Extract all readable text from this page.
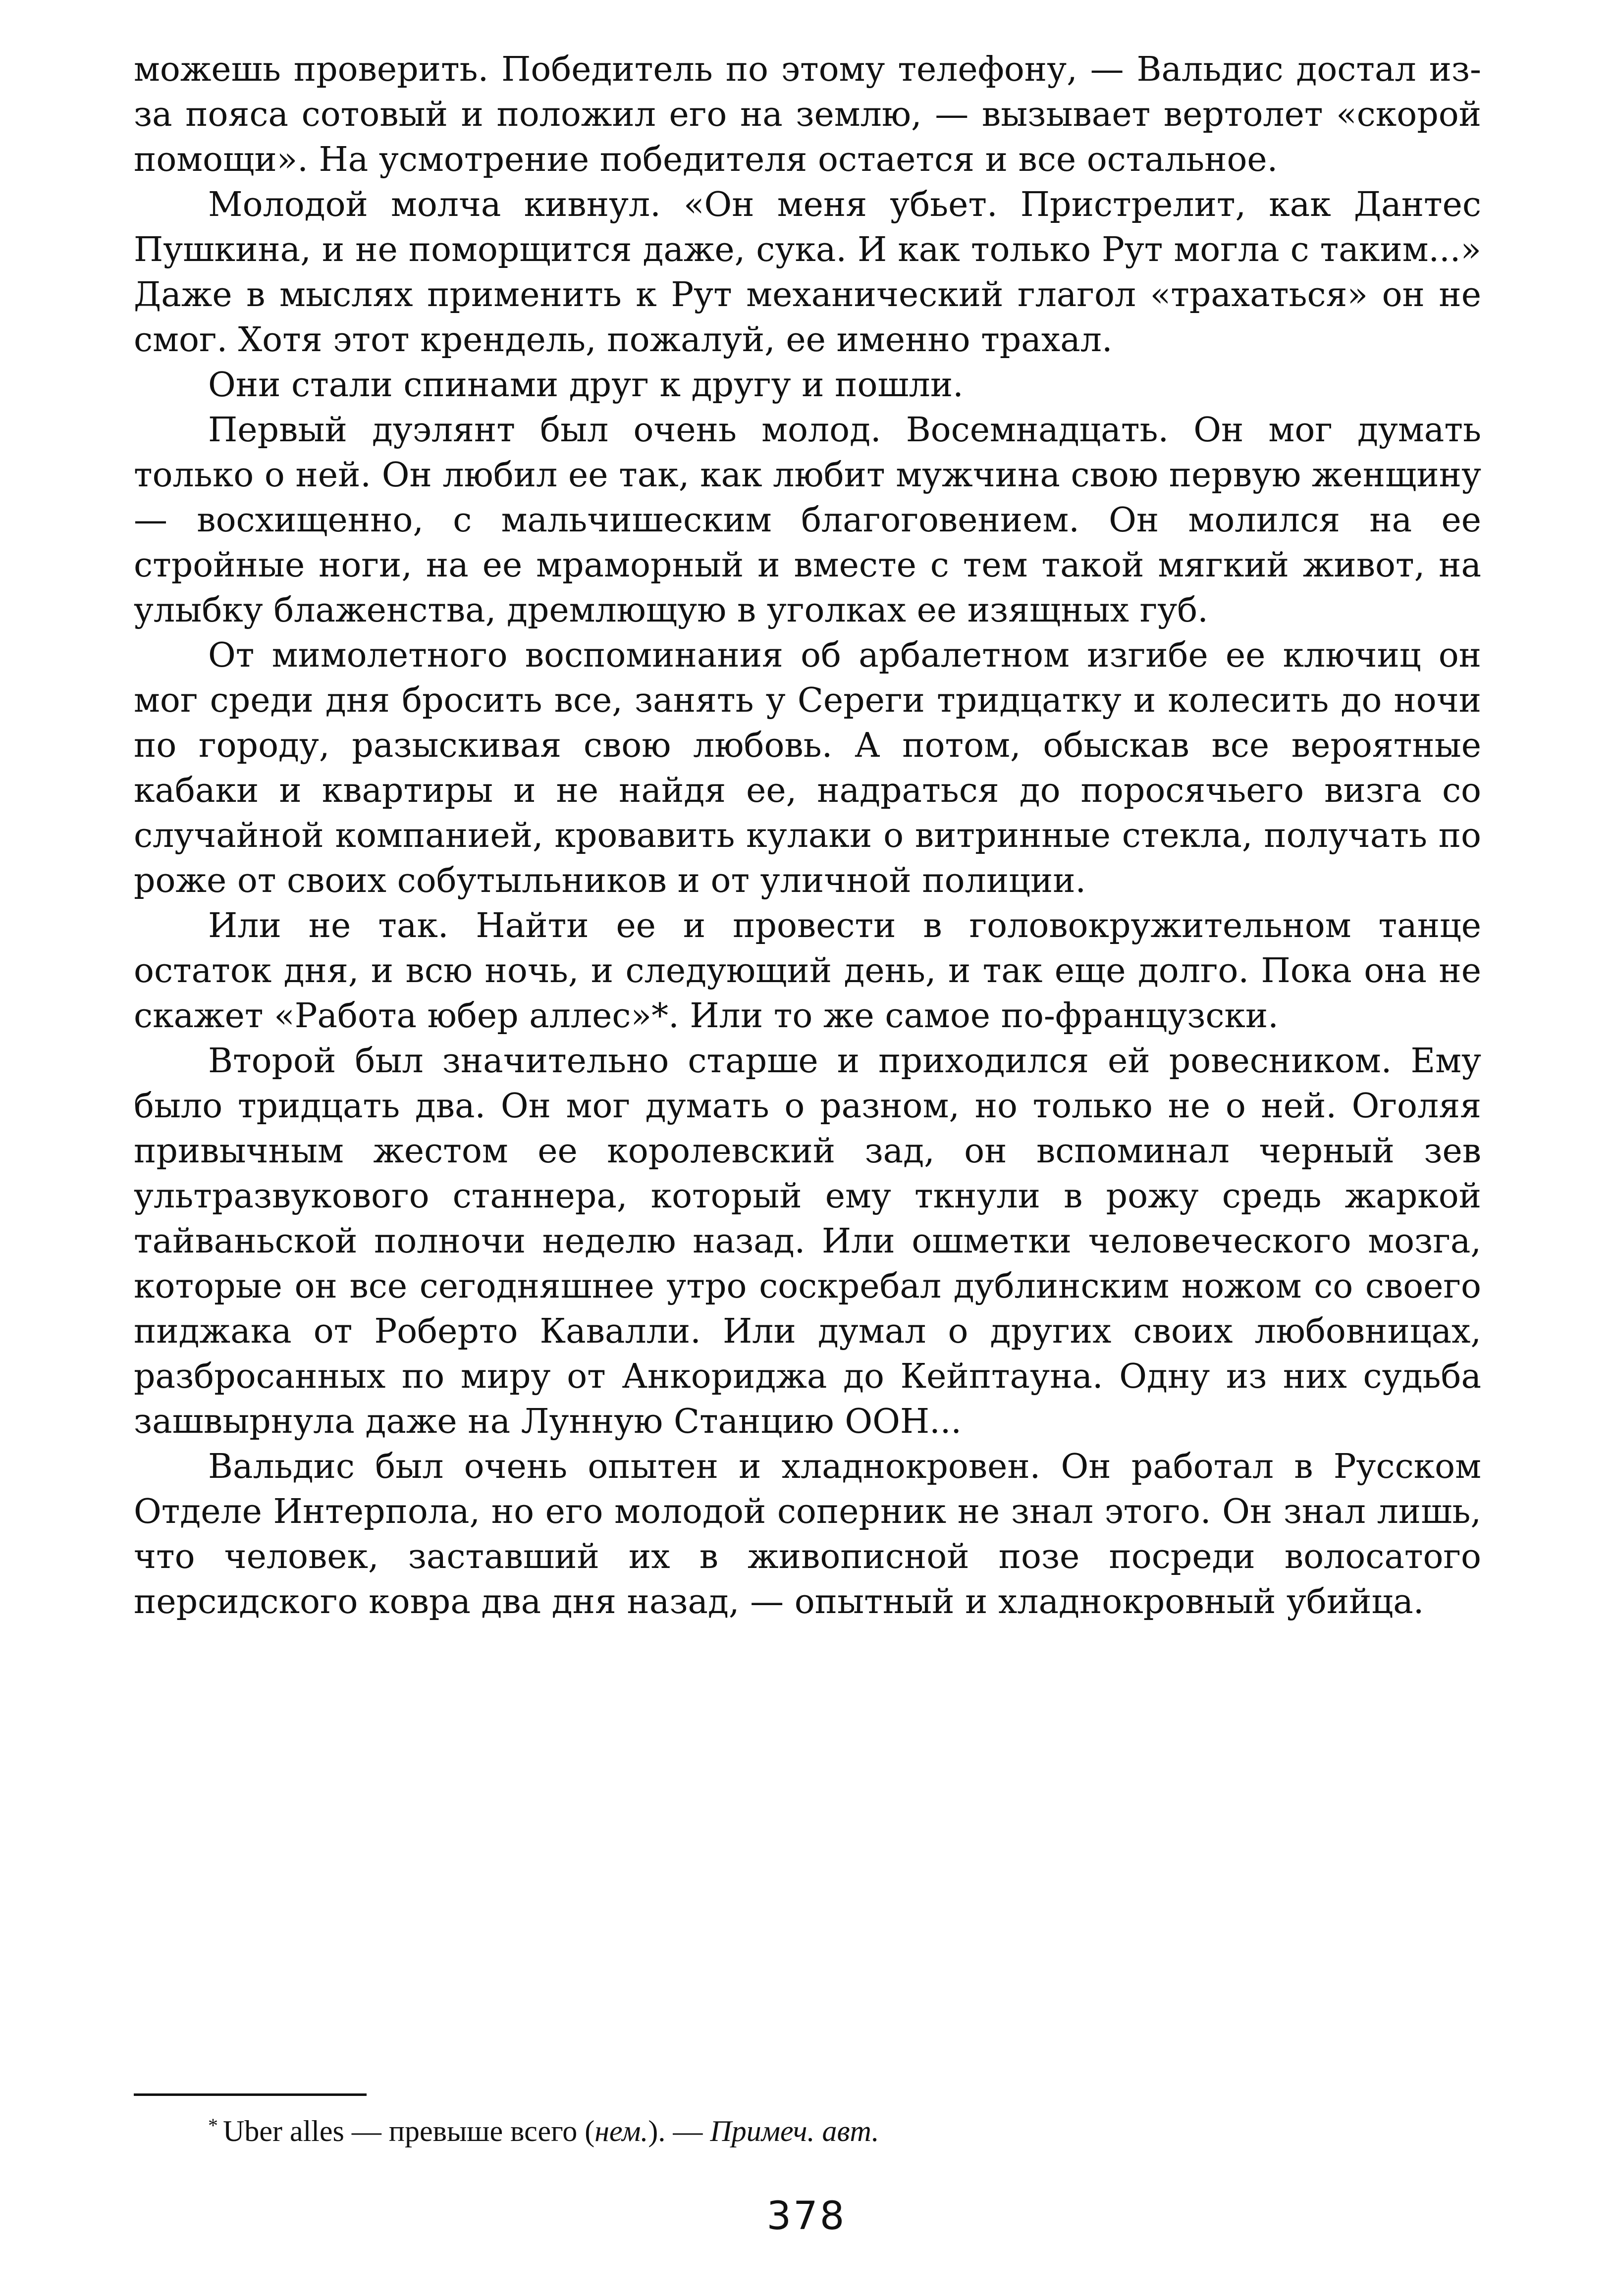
можешь проверить. Победитель по этому телефону, — Вальдис достал из-за пояса сотовый и положил его на землю, — вызывает вертолет «скорой помощи». На усмотрение победителя остается и все остальное.

Молодой молча кивнул. «Он меня убьет. Пристрелит, как Дантес Пушкина, и не поморщится даже, сука. И как только Рут могла с таким...» Даже в мыслях применить к Рут механический глагол «трахаться» он не смог. Хотя этот крендель, пожалуй, ее именно трахал.

Они стали спинами друг к другу и пошли.

Первый дуэлянт был очень молод. Восемнадцать. Он мог думать только о ней. Он любил ее так, как любит мужчина свою первую женщину — восхищенно, с мальчишеским благоговением. Он молился на ее стройные ноги, на ее мраморный и вместе с тем такой мягкий живот, на улыбку блаженства, дремлющую в уголках ее изящных губ.

От мимолетного воспоминания об арбалетном изгибе ее ключиц он мог среди дня бросить все, занять у Сереги тридцатку и колесить до ночи по городу, разыскивая свою любовь. А потом, обыскав все вероятные кабаки и квартиры и не найдя ее, надраться до поросячьего визга со случайной компанией, кровавить кулаки о витринные стекла, получать по роже от своих собутыльников и от уличной полиции.

Или не так. Найти ее и провести в головокружительном танце остаток дня, и всю ночь, и следующий день, и так еще долго. Пока она не скажет «Работа юбер аллес»*. Или то же самое по-французски.

Второй был значительно старше и приходился ей ровесником. Ему было тридцать два. Он мог думать о разном, но только не о ней. Оголяя привычным жестом ее королевский зад, он вспоминал черный зев ультразвукового станнера, который ему ткнули в рожу средь жаркой тайваньской полночи неделю назад. Или ошметки человеческого мозга, которые он все сегодняшнее утро соскребал дублинским ножом со своего пиджака от Роберто Кавалли. Или думал о других своих любовницах, разбросанных по миру от Анкориджа до Кейптауна. Одну из них судьба зашвырнула даже на Лунную Станцию ООН...

Вальдис был очень опытен и хладнокровен. Он работал в Русском Отделе Интерпола, но его молодой соперник не знал этого. Он знал лишь, что человек, заставший их в живописной позе посреди волосатого персидского ковра два дня назад, — опытный и хладнокровный убийца.

* Uber alles — превыше всего (нем.). — Примеч. авт.

378
